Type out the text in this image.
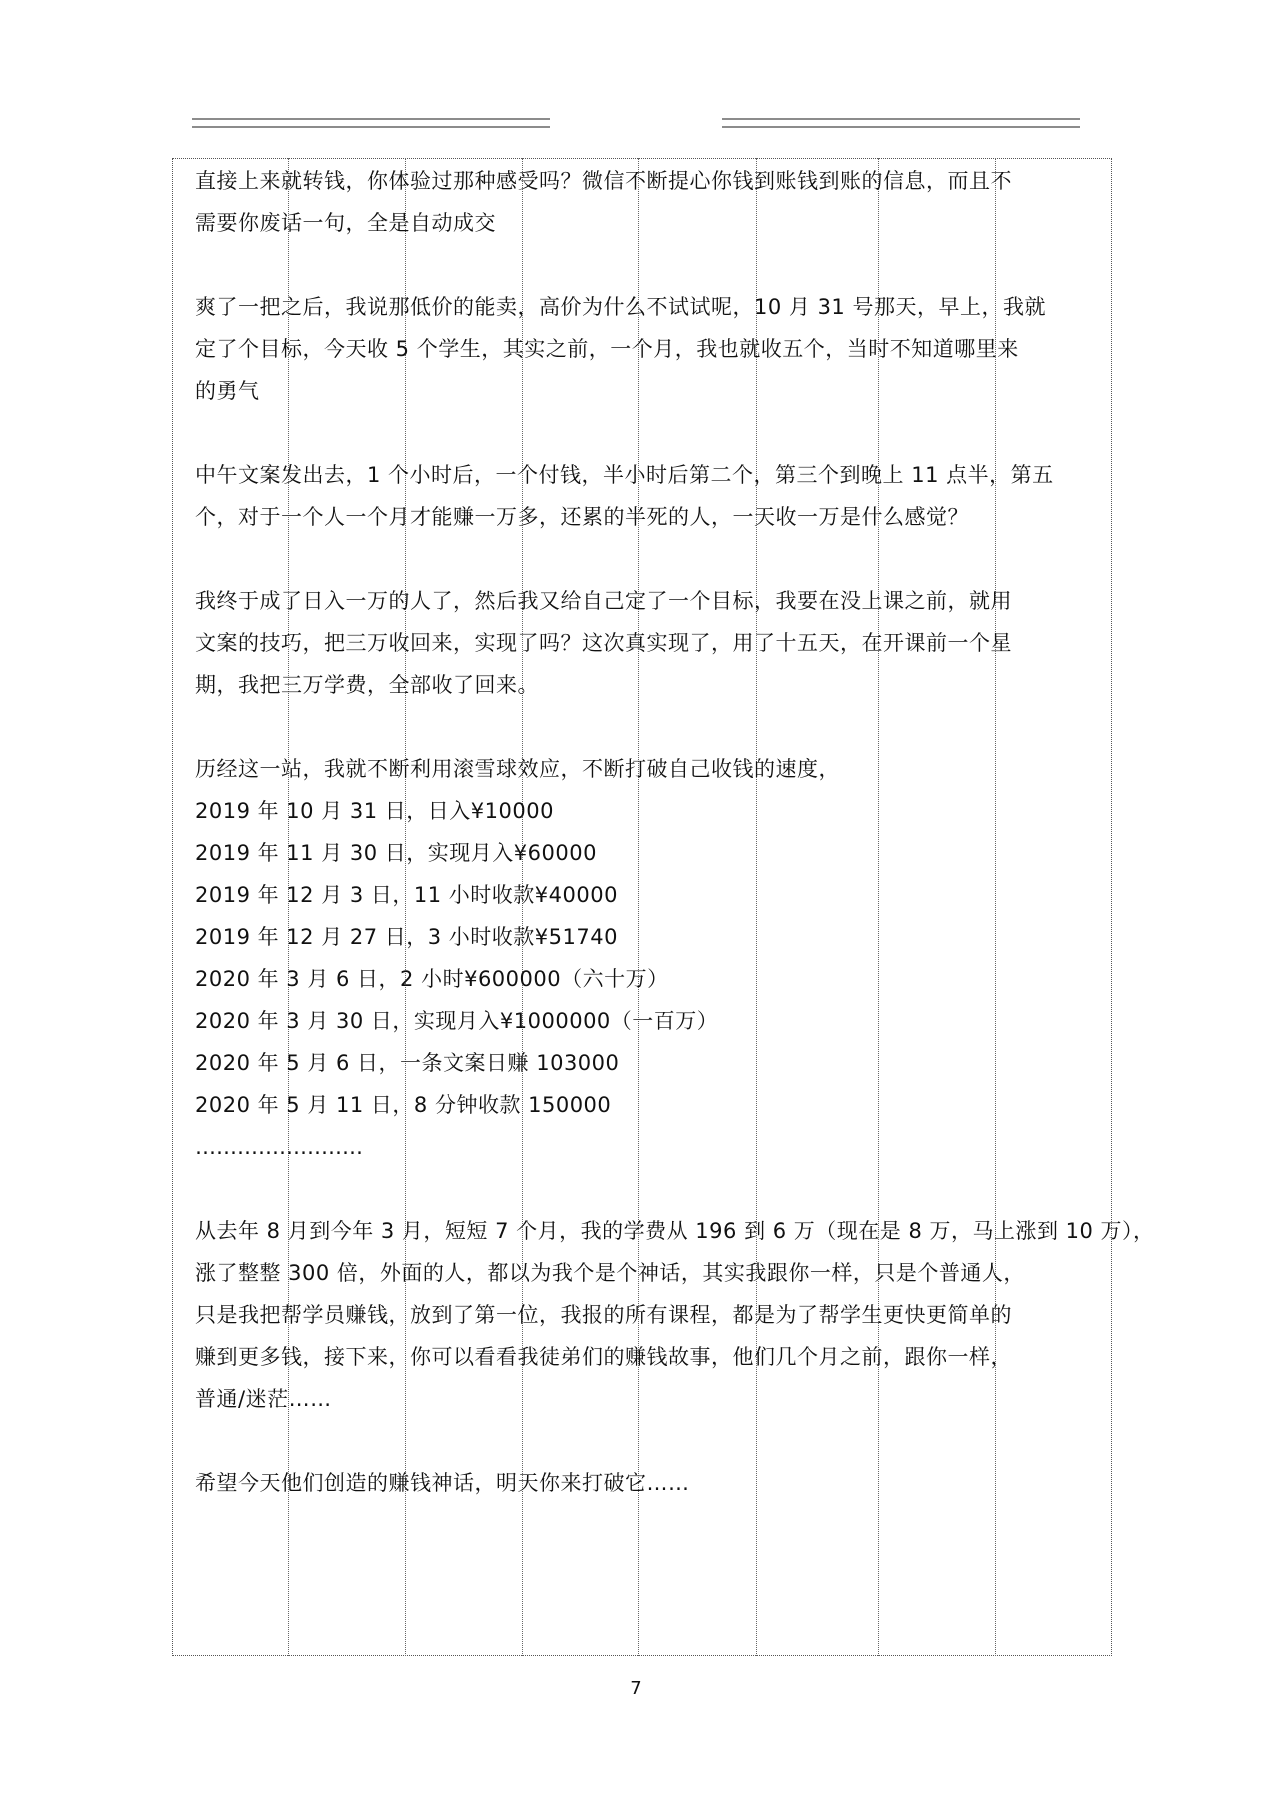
直接上来就转钱，你体验过那种感受吗？微信不断提心你钱到账钱到账的信息，而且不
需要你废话一句，全是自动成交
爽了一把之后，我说那低价的能卖，高价为什么不试试呢，10 月 31 号那天，早上，我就
定了个目标，今天收 5 个学生，其实之前，一个月，我也就收五个，当时不知道哪里来
的勇气
中午文案发出去，1 个小时后，一个付钱，半小时后第二个，第三个到晚上 11 点半，第五
个，对于一个人一个月才能赚一万多，还累的半死的人，一天收一万是什么感觉？
我终于成了日入一万的人了，然后我又给自己定了一个目标，我要在没上课之前，就用
文案的技巧，把三万收回来，实现了吗？这次真实现了，用了十五天，在开课前一个星
期，我把三万学费，全部收了回来。
历经这一站，我就不断利用滚雪球效应，不断打破自己收钱的速度，
2019 年 10 月 31 日，日入¥10000
2019 年 11 月 30 日，实现月入¥60000
2019 年 12 月 3 日，11 小时收款¥40000
2019 年 12 月 27 日，3 小时收款¥51740
2020 年 3 月 6 日，2 小时¥600000（六十万）
2020 年 3 月 30 日，实现月入¥1000000（一百万）
2020 年 5 月 6 日，一条文案日赚 103000
2020 年 5 月 11 日，8 分钟收款 150000
……………………
从去年 8 月到今年 3 月，短短 7 个月，我的学费从 196 到 6 万（现在是 8 万，马上涨到 10 万），
涨了整整 300 倍，外面的人，都以为我个是个神话，其实我跟你一样，只是个普通人，
只是我把帮学员赚钱，放到了第一位，我报的所有课程，都是为了帮学生更快更简单的
赚到更多钱，接下来，你可以看看我徒弟们的赚钱故事，他们几个月之前，跟你一样，
普通/迷茫……
希望今天他们创造的赚钱神话，明天你来打破它……
7
